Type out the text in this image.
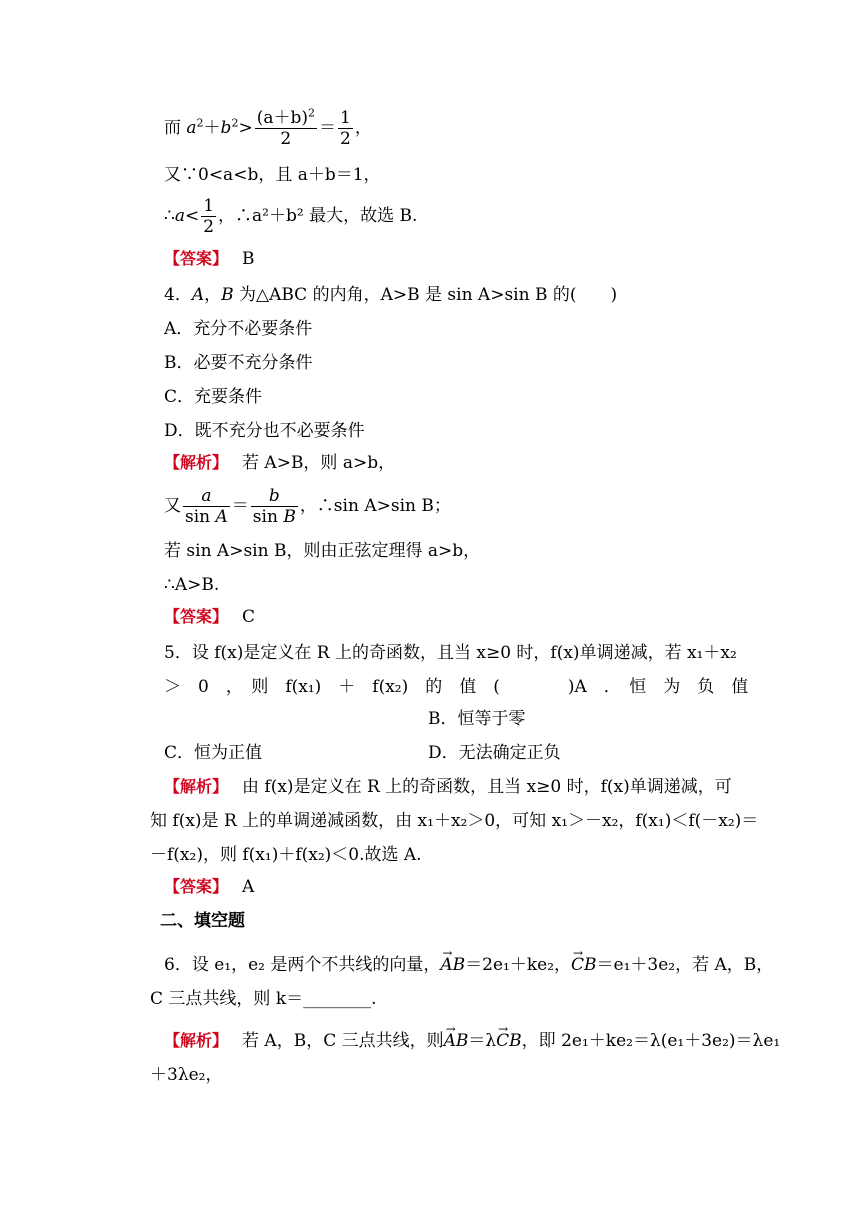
而 $a^2+b^2> \frac{(a+b)^2}{2} = \frac{1}{2}$ ，
又∵0<a<b，且 a＋b＝1，
∴a< $\frac{1}{2}$ ，∴a²＋b² 最大，故选 B.
【答案】 B
4．A，B 为△ABC 的内角，A>B 是 sin A>sin B 的(　　)
A．充分不必要条件
B．必要不充分条件
C．充要条件
D．既不充分也不必要条件
【解析】 若 A>B，则 a>b，
又 $\frac{a}{\text{sin A}} = \frac{b}{\text{sin B}}$ ，∴sin A>sin B；
若 sin A>sin B，则由正弦定理得 a>b，
∴A>B.
【答案】 C
5．设 f(x)是定义在 R 上的奇函数，且当 x≥0 时，f(x)单调递减，若 x₁＋x₂
＞　0　，　则　f(x₁)　＋　f(x₂)　的　值　(　　　　)A　．　恒　为　负　值
B．恒等于零
C．恒为正值	D．无法确定正负
【解析】 由 f(x)是定义在 R 上的奇函数，且当 x≥0 时，f(x)单调递减，可
知 f(x)是 R 上的单调递减函数，由 x₁＋x₂＞0，可知 x₁＞－x₂，f(x₁)＜f(－x₂)＝
－f(x₂)，则 f(x₁)＋f(x₂)＜0.故选 A.
【答案】 A
二、填空题
6．设 e₁，e₂ 是两个不共线的向量，→ AB＝2e₁＋ke₂，→ CB＝e₁＋3e₂，若 A，B，
C 三点共线，则 k＝________.
【解析】 若 A，B，C 三点共线，则→ AB＝λ→ CB，即 2e₁＋ke₂＝λ(e₁＋3e₂)＝λe₁
＋3λe₂，
